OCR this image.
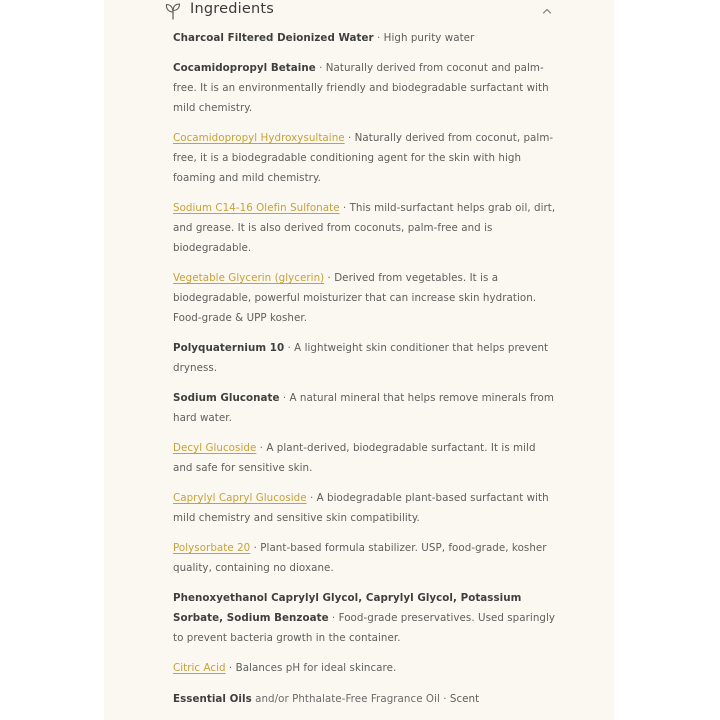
Ingredients

Charcoal Filtered Deionized Water · High purity water

Cocamidopropyl Betaine · Naturally derived from coconut and palm-free. It is an environmentally friendly and biodegradable surfactant with mild chemistry.

Cocamidopropyl Hydroxysultaine · Naturally derived from coconut, palm-free, it is a biodegradable conditioning agent for the skin with high foaming and mild chemistry.

Sodium C14-16 Olefin Sulfonate · This mild-surfactant helps grab oil, dirt, and grease. It is also derived from coconuts, palm-free and is biodegradable.

Vegetable Glycerin (glycerin) · Derived from vegetables. It is a biodegradable, powerful moisturizer that can increase skin hydration. Food-grade & UPP kosher.

Polyquaternium 10 · A lightweight skin conditioner that helps prevent dryness.

Sodium Gluconate · A natural mineral that helps remove minerals from hard water.

Decyl Glucoside · A plant-derived, biodegradable surfactant. It is mild and safe for sensitive skin.

Caprylyl Capryl Glucoside · A biodegradable plant-based surfactant with mild chemistry and sensitive skin compatibility.

Polysorbate 20 · Plant-based formula stabilizer. USP, food-grade, kosher quality, containing no dioxane.

Phenoxyethanol Caprylyl Glycol, Caprylyl Glycol, Potassium Sorbate, Sodium Benzoate · Food-grade preservatives. Used sparingly to prevent bacteria growth in the container.

Citric Acid · Balances pH for ideal skincare.

Essential Oils and/or Phthalate-Free Fragrance Oil · Scent
